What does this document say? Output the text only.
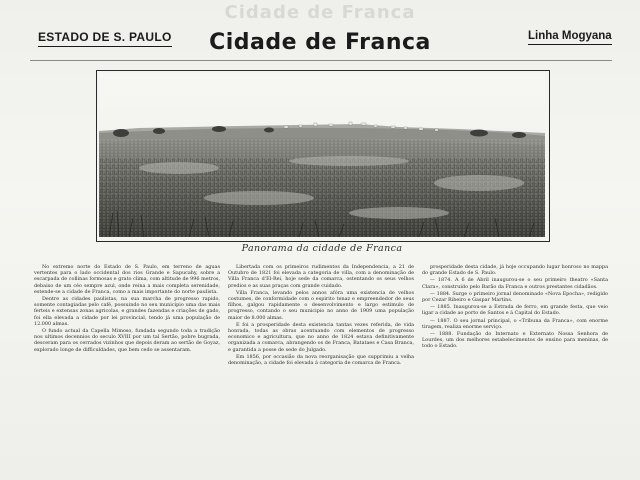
Cidade de Franca
ESTADO DE S. PAULO	Cidade de Franca	Linha Mogyana
Panorama da cidade de Franca

No extremo norte do Estado de S. Paulo, em terreno de aguas vertentes para o lado occidental dos rios Grande e Sapucahy, sobre a escarpada de collinas formosas e grato clima, com altitude de 996 metros, debaixo de um céo sempre azul, onde reina a mais completa serenidade, estende-se a cidade de Franca, como a mais importante do norte paulista.

Dentre as cidades paulistas, na sua marcha de progresso rapido, somente contagiadas pelo café, possuindo no seu municipio uma das mais ferteis e extensas zonas agricolas, e grandes fazendas e criações de gado, foi ella elevada a cidade por lei provincial, tendo já uma população de 12.000 almas.

O fundo actual da Capella Mimoso, fundada segundo toda a tradição nos ultimos decennios do seculo XVIII por um tal Sertão, pobre bugrada, desceram para os cerrados vizinhos que depois deram ao sertão de Goyaz, explorado longe de difficuldades, que bem cedo se assentaram.

Libertada com os primeiros rudimentos da Independencia, a 21 de Outubro de 1821 foi elevada a categoria de villa, com a denominação de Villa Franca d'El-Rei, hoje sede da comarca, ostentando os seus velhos predios e as suas praças com grande cuidado.

Villa Franca, levando pelos annos afóra uma existencia de velhos costumes, de conformidade com o espirito tenaz e empreendedor de seus filhos, galgou rapidamente o desenvolvimento e largo estimulo de progresso, contando o seu municipio no anno de 1909 uma população maior de 8.000 almas.

E foi a prosperidade desta existencia tantas vezes referida, de vida honrada, todas as obras acentuando com elementos de progresso economico e agricultura, que no anno de 1824 estava definitivamente organizada a comarca, abrangendo os de Franca, Batataes e Casa Branca, e garantida a posse de sede do Julgado.

Em 1856, por occasião da nova reorganisação que supprimiu a velha denominação, a cidade foi elevada á categoria de comarca de Franca.

prosperidade desta cidade, já hoje occupando lugar honroso no mappa do grande Estado de S. Paulo.

— 1874. A 6 de Abril inaugurou-se o seu primeiro theatro «Santa Clara», construido pelo Barão da Franca e outros prestantes cidadãos.

— 1884. Surge o primeiro jornal denominado «Nova Epocha», redigido por Cezar Ribeiro e Gaspar Martins.

— 1885. Inaugurou-se a Estrada de ferro, em grande festa, que veio ligar a cidade ao porto de Santos e á Capital do Estado.

— 1887. O seu jornal principal, o «Tribuna da Franca», com enorme tiragem, realiza enorme serviço.

— 1888. Fundação do Internato e Externato Nossa Senhora de Lourdes, um dos melhores estabelecimentos de ensino para meninas, de todo o Estado.
